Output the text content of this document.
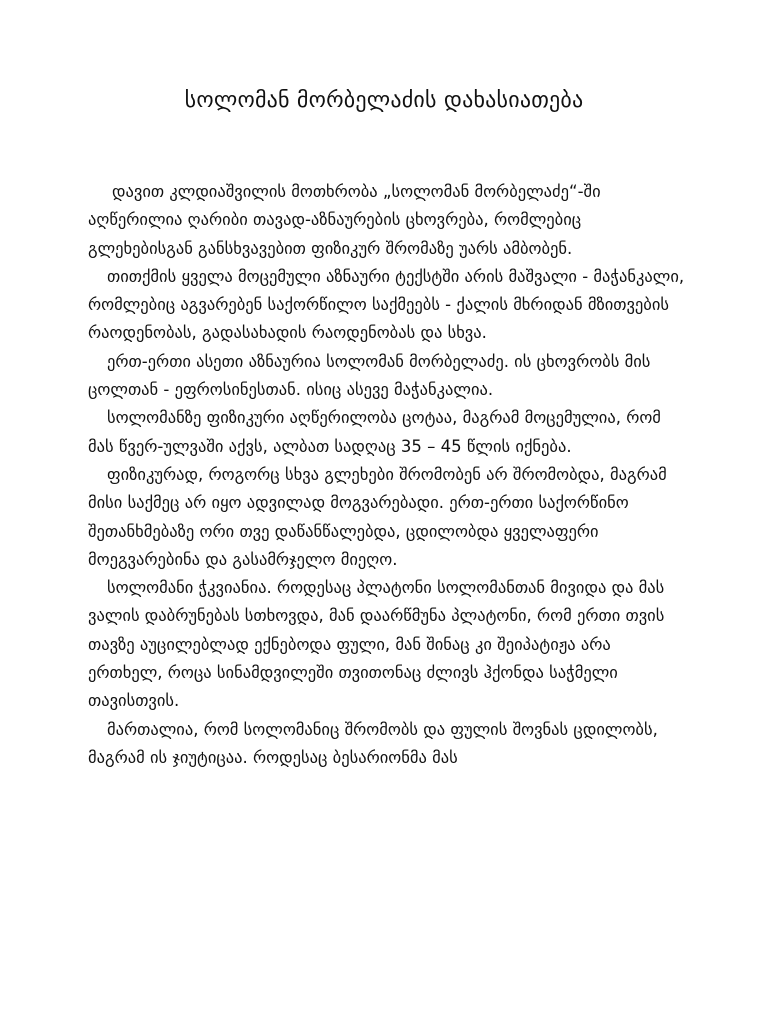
სოლომან მორბელაძის დახასიათება

დავით კლდიაშვილის მოთხრობა „სოლომან მორბელაძე“-ში აღწერილია ღარიბი თავად-აზნაურების ცხოვრება, რომლებიც გლეხებისგან განსხვავებით ფიზიკურ შრომაზე უარს ამბობენ.

თითქმის ყველა მოცემული აზნაური ტექსტში არის მაშვალი - მაჭანკალი, რომლებიც აგვარებენ საქორწილო საქმეებს - ქალის მხრიდან მზითვების რაოდენობას, გადასახადის რაოდენობას და სხვა.

ერთ-ერთი ასეთი აზნაურია სოლომან მორბელაძე. ის ცხოვრობს მის ცოლთან - ეფროსინესთან. ისიც ასევე მაჭანკალია.

სოლომანზე ფიზიკური აღწერილობა ცოტაა, მაგრამ მოცემულია, რომ მას წვერ-ულვაში აქვს, ალბათ სადღაც 35 – 45 წლის იქნება.

ფიზიკურად, როგორც სხვა გლეხები შრომობენ არ შრომობდა, მაგრამ მისი საქმეც არ იყო ადვილად მოგვარებადი. ერთ-ერთი საქორწინო შეთანხმებაზე ორი თვე დაწანწალებდა, ცდილობდა ყველაფერი მოეგვარებინა და გასამრჯელო მიეღო.

სოლომანი ჭკვიანია. როდესაც პლატონი სოლომანთან მივიდა და მას ვალის დაბრუნებას სთხოვდა, მან დაარწმუნა პლატონი, რომ ერთი თვის თავზე აუცილებლად ექნებოდა ფული, მან შინაც კი შეიპატიჟა არა ერთხელ, როცა სინამდვილეში თვითონაც ძლივს ჰქონდა საჭმელი თავისთვის.

მართალია, რომ სოლომანიც შრომობს და ფულის შოვნას ცდილობს, მაგრამ ის ჯიუტიცაა. როდესაც ბესარიონმა მას
